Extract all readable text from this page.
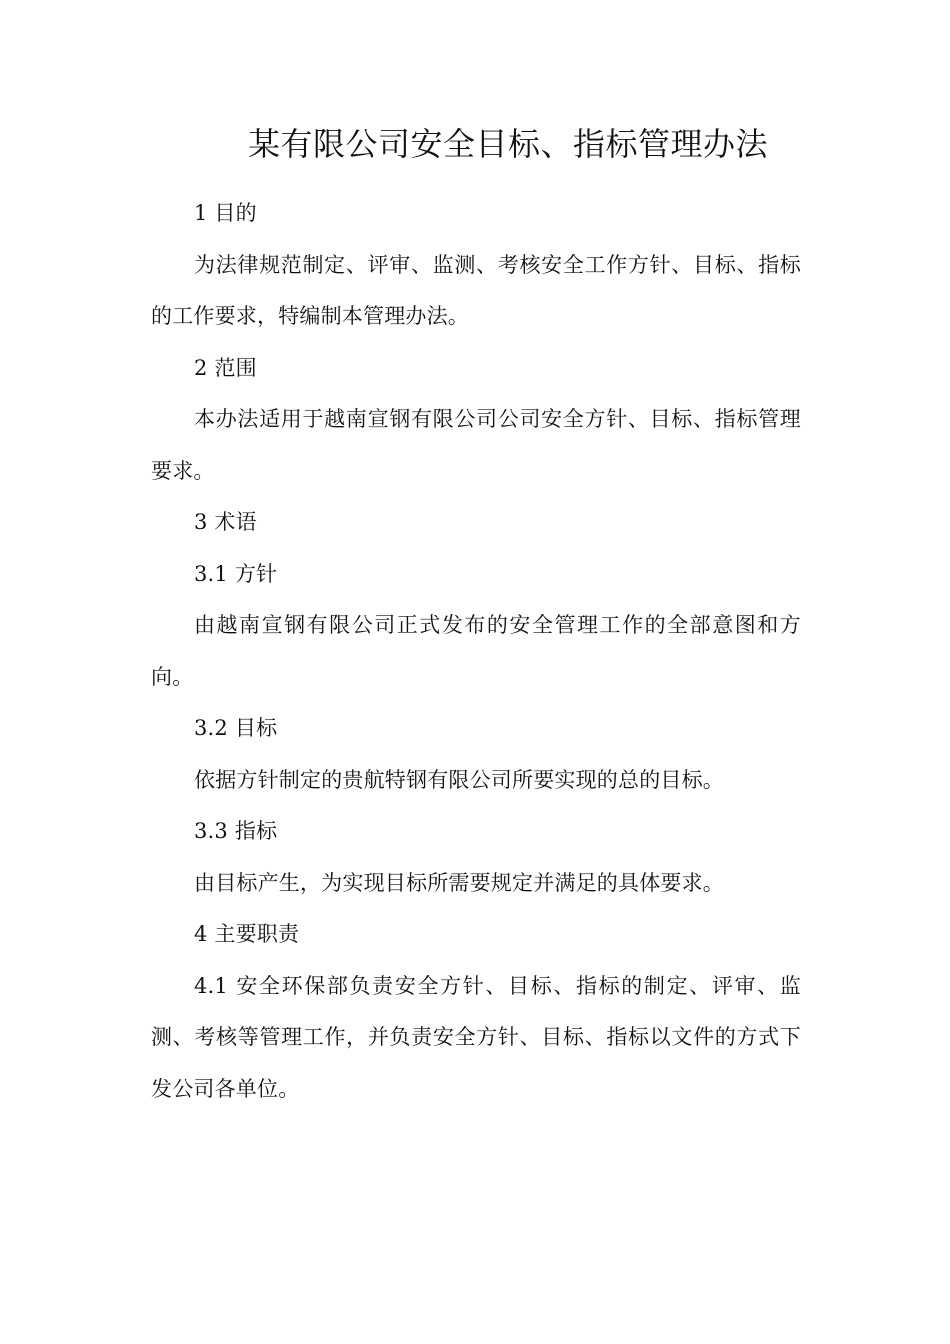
某有限公司安全目标、指标管理办法

1 目的

为法律规范制定、评审、监测、考核安全工作方针、目标、指标的工作要求，特编制本管理办法。

2 范围

本办法适用于越南宣钢有限公司公司安全方针、目标、指标管理要求。

3 术语

3.1 方针

由越南宣钢有限公司正式发布的安全管理工作的全部意图和方向。

3.2 目标

依据方针制定的贵航特钢有限公司所要实现的总的目标。

3.3 指标

由目标产生，为实现目标所需要规定并满足的具体要求。

4 主要职责

4.1 安全环保部负责安全方针、目标、指标的制定、评审、监测、考核等管理工作，并负责安全方针、目标、指标以文件的方式下发公司各单位。
